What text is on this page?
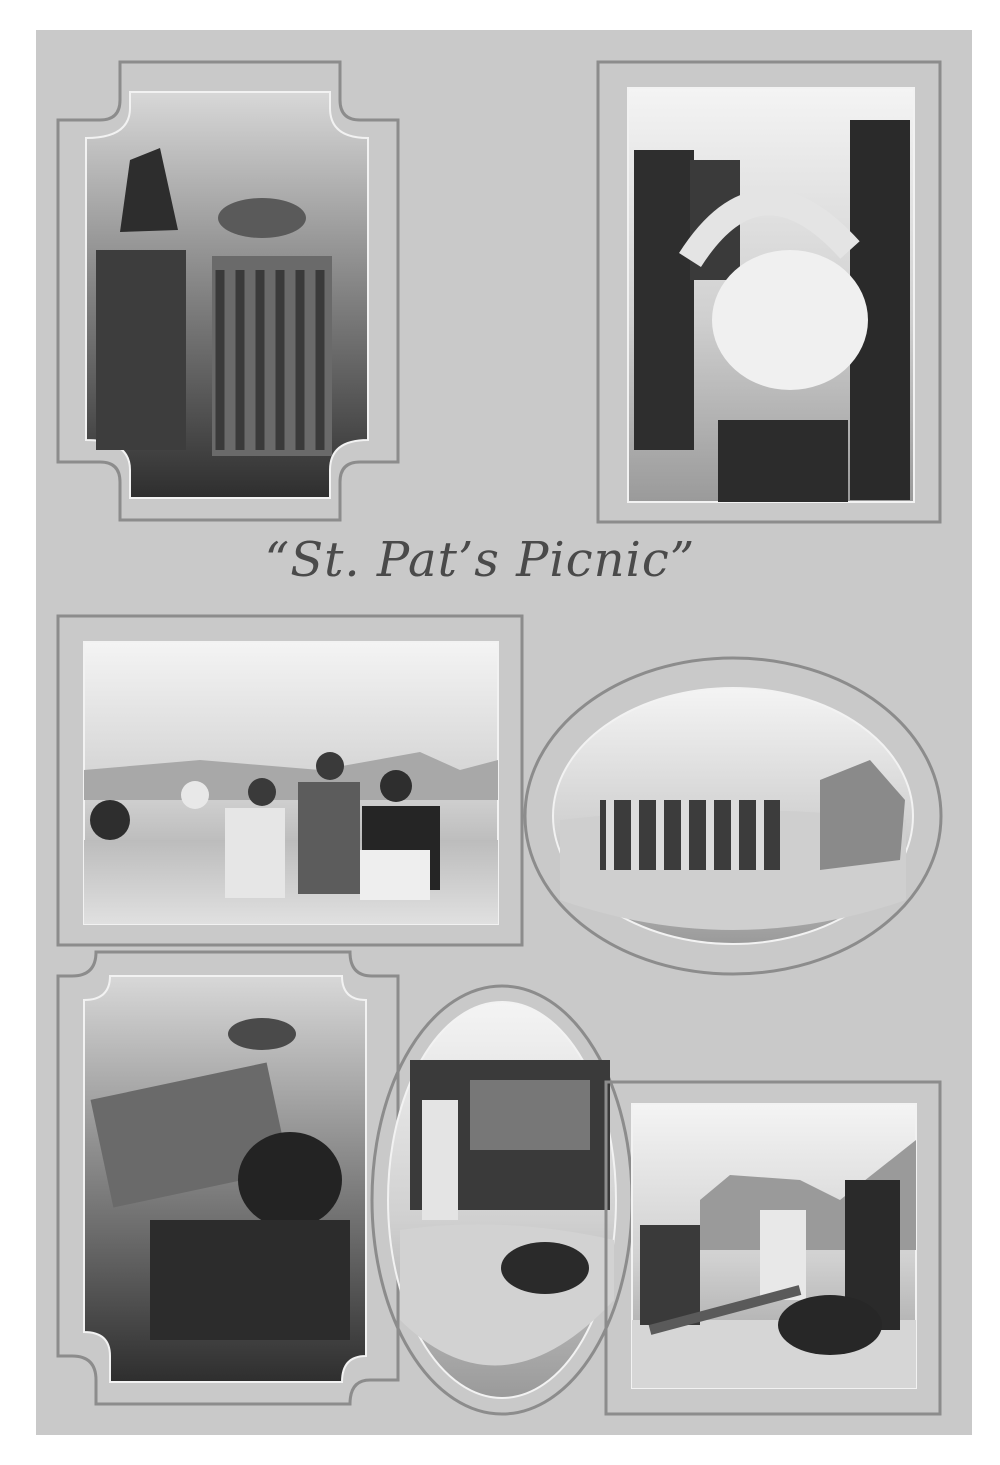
“St. Pat’s Picnic”
